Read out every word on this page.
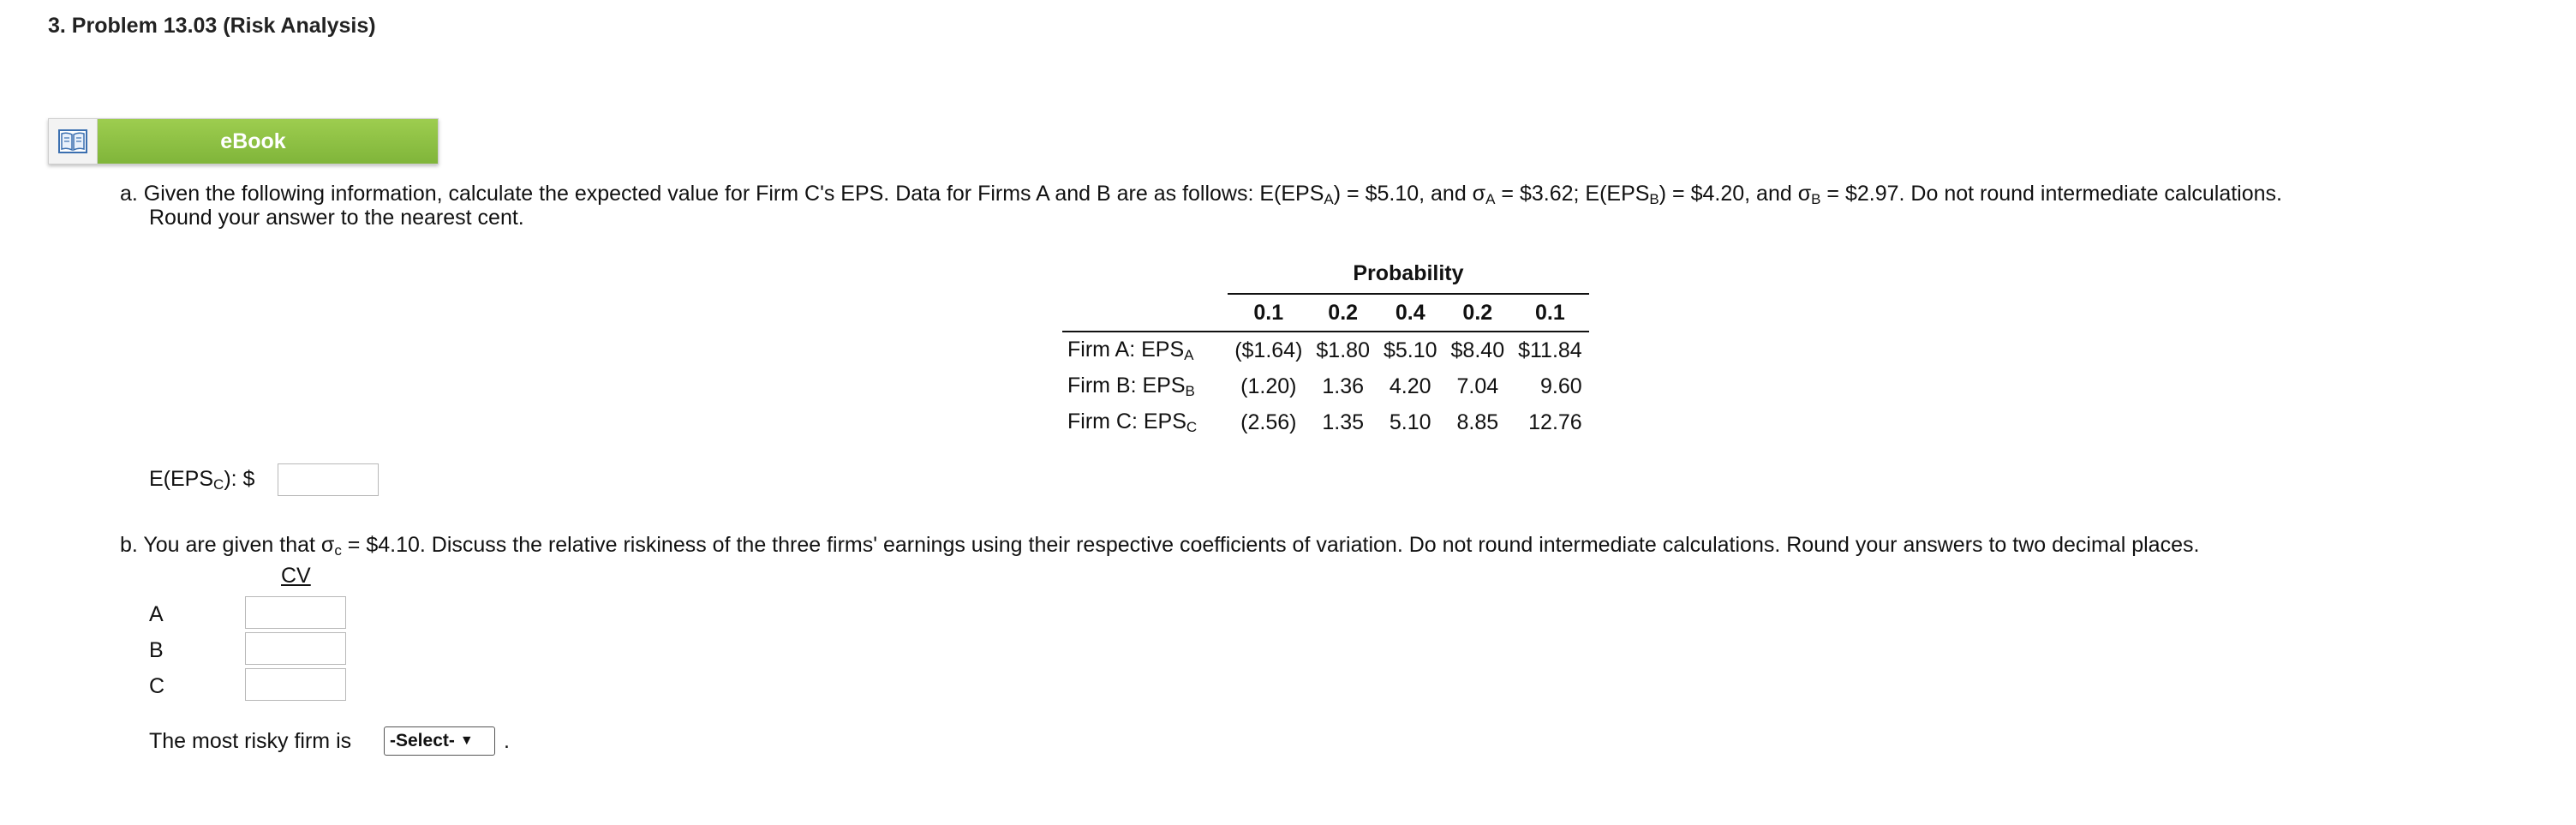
3. Problem 13.03 (Risk Analysis)
eBook
a. Given the following information, calculate the expected value for Firm C's EPS. Data for Firms A and B are as follows: $E(EPS_A)$ = $5.10, and $\sigma_A$ = $3.62; $E(EPS_B)$ = $4.20, and $\sigma_B$ = $2.97. Do not round intermediate calculations.
Round your answer to the nearest cent.
	Probability				
	0.1	0.2	0.4	0.2	0.1
Firm A: $EPS_A$	($1.64)	$1.80	$5.10	$8.40	$11.84
Firm B: $EPS_B$	(1.20)	1.36	4.20	7.04	9.60
Firm C: $EPS_C$	(2.56)	1.35	5.10	8.85	12.76
$E(EPS_C)$: $
b. You are given that $\sigma_c$ = $4.10. Discuss the relative riskiness of the three firms' earnings using their respective coefficients of variation. Do not round intermediate calculations. Round your answers to two decimal places.
CV
A
B
C
The most risky firm is -Select- ▼ .
